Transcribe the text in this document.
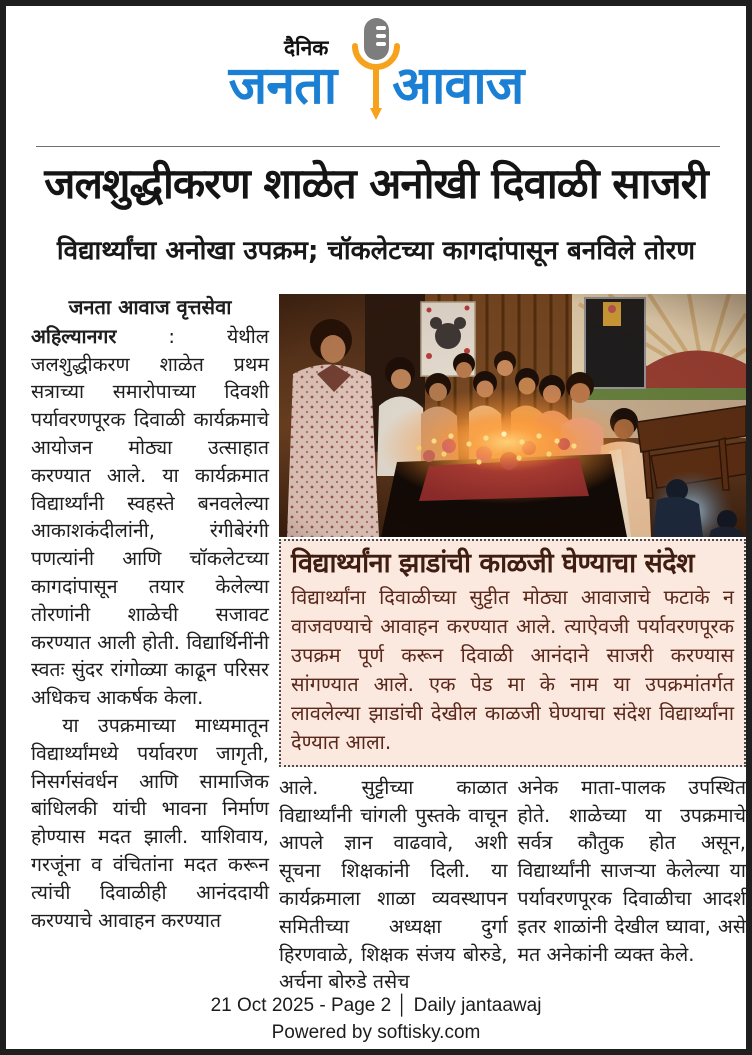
दैनिक
जनता आवाज
जलशुद्धीकरण शाळेत अनोखी दिवाळी साजरी
विद्यार्थ्यांचा अनोखा उपक्रम; चॉकलेटच्या कागदांपासून बनविले तोरण
जनता आवाज वृत्तसेवा

अहिल्यानगर	:	येथील जलशुद्धीकरण शाळेत प्रथम सत्राच्या समारोपाच्या दिवशी पर्यावरणपूरक दिवाळी कार्यक्रमाचे आयोजन मोठ्या उत्साहात करण्यात आले. या कार्यक्रमात विद्यार्थ्यांनी स्वहस्ते बनवलेल्या आकाशकंदीलांनी, रंगीबेरंगी पणत्यांनी आणि चॉकलेटच्या कागदांपासून तयार केलेल्या तोरणांनी शाळेची सजावट करण्यात आली होती. विद्यार्थिनींनी स्वतः सुंदर रांगोळ्या काढून परिसर अधिकच आकर्षक केला.

या उपक्रमाच्या माध्यमातून विद्यार्थ्यांमध्ये पर्यावरण जागृती, निसर्गसंवर्धन आणि सामाजिक बांधिलकी यांची भावना निर्माण होण्यास मदत झाली. याशिवाय, गरजूंना व वंचितांना मदत करून त्यांची दिवाळीही आनंददायी करण्याचे आवाहन करण्यात

विद्यार्थ्यांना झाडांची काळजी घेण्याचा संदेश
विद्यार्थ्यांना दिवाळीच्या सुट्टीत मोठ्या आवाजाचे फटाके न वाजवण्याचे आवाहन करण्यात आले. त्याऐवजी पर्यावरणपूरक उपक्रम पूर्ण करून दिवाळी आनंदाने साजरी करण्यास सांगण्यात आले. एक पेड मा के नाम या उपक्रमांतर्गत लावलेल्या झाडांची देखील काळजी घेण्याचा संदेश विद्यार्थ्यांना देण्यात आला.
आले. सुट्टीच्या काळात विद्यार्थ्यांनी चांगली पुस्तके वाचून आपले ज्ञान वाढवावे, अशी सूचना शिक्षकांनी दिली. या कार्यक्रमाला शाळा व्यवस्थापन समितीच्या अध्यक्षा दुर्गा हिरणवाळे, शिक्षक संजय बोरुडे, अर्चना बोरुडे तसेच
अनेक माता-पालक उपस्थित होते. शाळेच्या या उपक्रमाचे सर्वत्र कौतुक होत असून, विद्यार्थ्यांनी साजऱ्या केलेल्या या पर्यावरणपूरक दिवाळीचा आदर्श इतर शाळांनी देखील घ्यावा, असे मत अनेकांनी व्यक्त केले.
21 Oct 2025 - Page 2 │ Daily jantaawaj
Powered by softisky.com
